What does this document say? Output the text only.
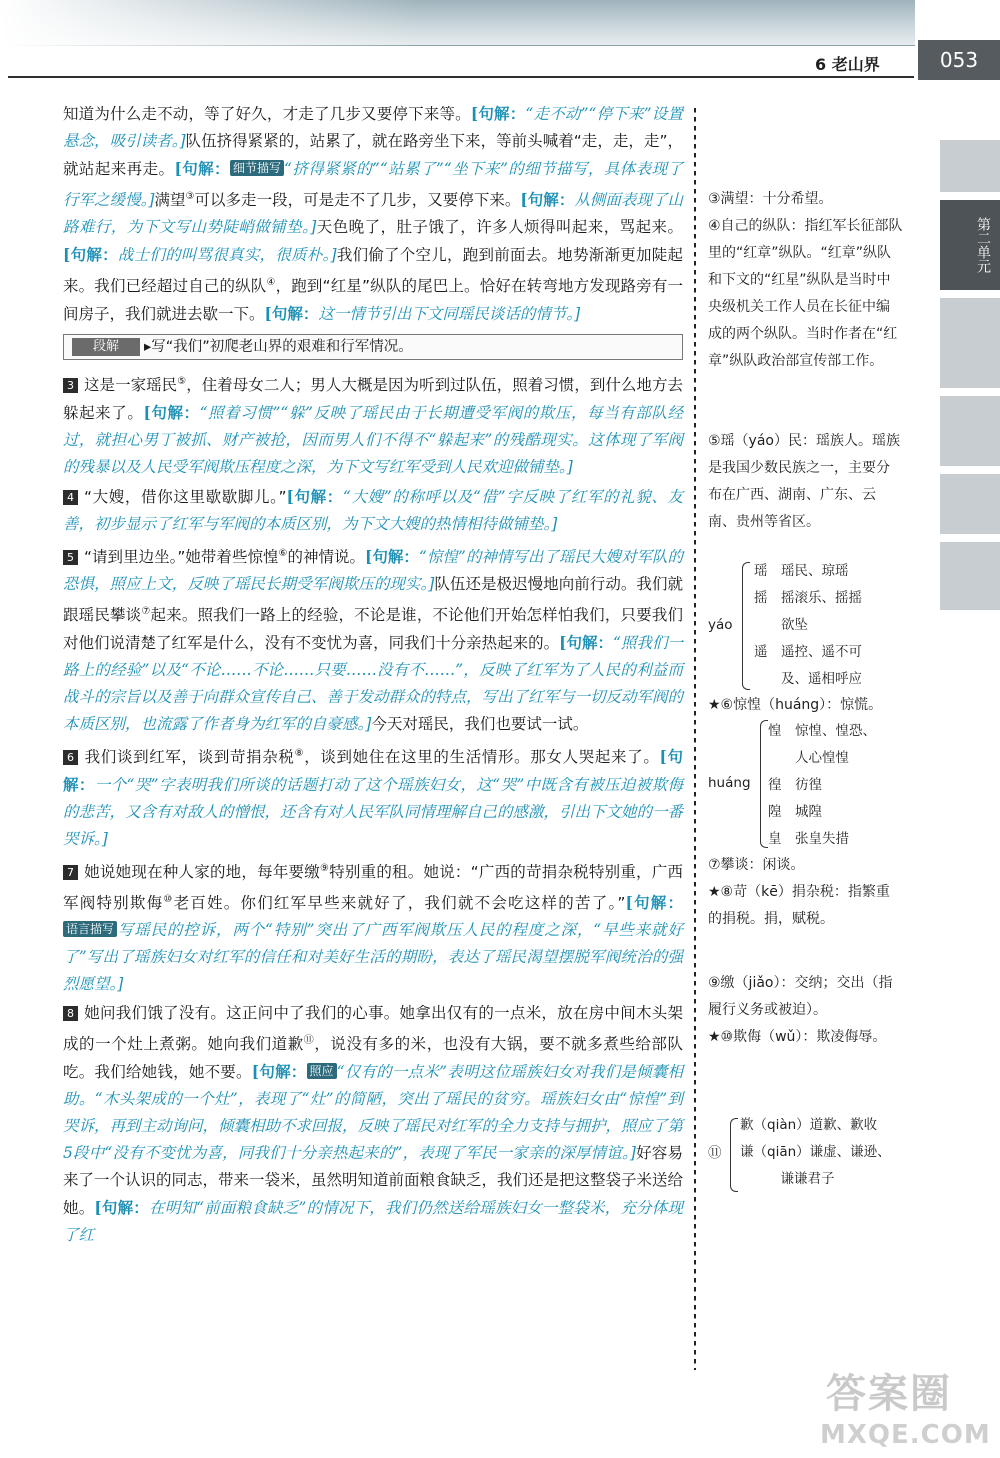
6 老山界	053
第二单元
知道为什么走不动，等了好久，才走了几步又要停下来等。[句解：“走不动”“停下来”设置悬念，吸引读者。]队伍挤得紧紧的，站累了，就在路旁坐下来，等前头喊着“走，走，走”，就站起来再走。[句解： 细节描写 “挤得紧紧的”“站累了”“坐下来”的细节描写，具体表现了行军之缓慢。]满望③可以多走一段，可是走不了几步，又要停下来。[句解：从侧面表现了山路难行，为下文写山势陡峭做铺垫。]天色晚了，肚子饿了，许多人烦得叫起来，骂起来。[句解：战士们的叫骂很真实，很质朴。]我们偷了个空儿，跑到前面去。地势渐渐更加陡起来。我们已经超过自己的纵队④，跑到“红星”纵队的尾巴上。恰好在转弯地方发现路旁有一间房子，我们就进去歇一下。[句解：这一情节引出下文同瑶民谈话的情节。]
段解 ▸写“我们”初爬老山界的艰难和行军情况。
3 这是一家瑶民⑤，住着母女二人；男人大概是因为听到过队伍，照着习惯，到什么地方去躲起来了。[句解：“照着习惯”“躲”反映了瑶民由于长期遭受军阀的欺压，每当有部队经过，就担心男丁被抓、财产被抢，因而男人们不得不“躲起来”的残酷现实。这体现了军阀的残暴以及人民受军阀欺压程度之深，为下文写红军受到人民欢迎做铺垫。]
4 “大嫂，借你这里歇歇脚儿。”[句解：“大嫂”的称呼以及“借”字反映了红军的礼貌、友善，初步显示了红军与军阀的本质区别，为下文大嫂的热情相待做铺垫。]
5 “请到里边坐。”她带着些惊惶⑥的神情说。[句解：“惊惶”的神情写出了瑶民大嫂对军队的恐惧，照应上文，反映了瑶民长期受军阀欺压的现实。]队伍还是极迟慢地向前行动。我们就跟瑶民攀谈⑦起来。照我们一路上的经验，不论是谁，不论他们开始怎样怕我们，只要我们对他们说清楚了红军是什么，没有不变忧为喜，同我们十分亲热起来的。[句解：“照我们一路上的经验”以及“不论……不论……只要……没有不……”，反映了红军为了人民的利益而战斗的宗旨以及善于向群众宣传自己、善于发动群众的特点，写出了红军与一切反动军阀的本质区别，也流露了作者身为红军的自豪感。]今天对瑶民，我们也要试一试。
6 我们谈到红军，谈到苛捐杂税⑧，谈到她住在这里的生活情形。那女人哭起来了。[句解：一个“哭”字表明我们所谈的话题打动了这个瑶族妇女，这“哭”中既含有被压迫被欺侮的悲苦，又含有对敌人的憎恨，还含有对人民军队同情理解自己的感激，引出下文她的一番哭诉。]
7 她说她现在种人家的地，每年要缴⑨特别重的租。她说：“广西的苛捐杂税特别重，广西军阀特别欺侮⑩老百姓。你们红军早些来就好了，我们就不会吃这样的苦了。”[句解：语言描写 写瑶民的控诉，两个“特别”突出了广西军阀欺压人民的程度之深，“早些来就好了”写出了瑶族妇女对红军的信任和对美好生活的期盼，表达了瑶民渴望摆脱军阀统治的强烈愿望。]
8 她问我们饿了没有。这正问中了我们的心事。她拿出仅有的一点米，放在房中间木头架成的一个灶上煮粥。她向我们道歉⑪，说没有多的米，也没有大锅，要不就多煮些给部队吃。我们给她钱，她不要。[句解： 照应 “仅有的一点米”表明这位瑶族妇女对我们是倾囊相助。“木头架成的一个灶”，表现了“灶”的简陋，突出了瑶民的贫穷。瑶族妇女由“惊惶”到哭诉，再到主动询问，倾囊相助不求回报，反映了瑶民对红军的全力支持与拥护，照应了第5段中“没有不变忧为喜，同我们十分亲热起来的”，表现了军民一家亲的深厚情谊。]好容易来了一个认识的同志，带来一袋米，虽然明知道前面粮食缺乏，我们还是把这整袋子米送给她。[句解：在明知“前面粮食缺乏”的情况下，我们仍然送给瑶族妇女一整袋米，充分体现了红
③满望：十分希望。
④自己的纵队：指红军长征部队里的“红章”纵队。“红章”纵队和下文的“红星”纵队是当时中央级机关工作人员在长征中编成的两个纵队。当时作者在“红章”纵队政治部宣传部工作。
⑤瑶（yáo）民：瑶族人。瑶族是我国少数民族之一，主要分布在广西、湖南、广东、云南、贵州等省区。
yáo
瑶　瑶民、琼瑶
摇　摇滚乐、摇摇
　　欲坠
遥　遥控、遥不可
　　及、遥相呼应
★⑥惊惶（huáng）：惊慌。
huáng
惶　惊惶、惶恐、
　　人心惶惶
徨　彷徨
隍　城隍
皇　张皇失措
⑦攀谈：闲谈。
★⑧苛（kē）捐杂税：指繁重的捐税。捐，赋税。
⑨缴（jiǎo）：交纳；交出（指履行义务或被迫）。
★⑩欺侮（wǔ）：欺凌侮辱。
⑪
歉（qiàn）道歉、歉收
谦（qiān）谦虚、谦逊、
　　　谦谦君子
答案圈
MXQE.COM
